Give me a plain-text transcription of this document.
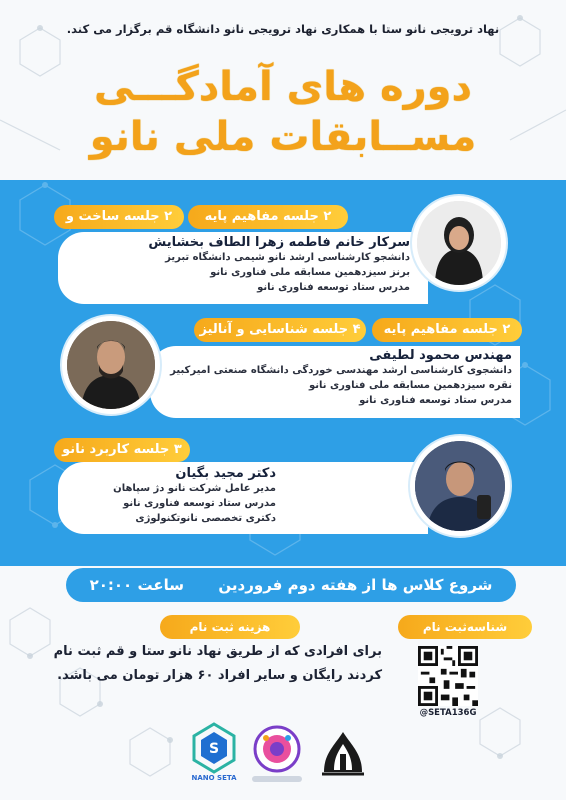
نهاد ترویجی نانو ستا با همکاری نهاد ترویجی نانو دانشگاه قم برگزار می کند.
دوره های آمادگـــی
مســابقات ملی نانو
۲ جلسه مفاهیم پایه
۲ جلسه ساخت و
سرکار خانم فاطمه زهرا الطاف بخشایش
دانشجو کارشناسی ارشد نانو شیمی دانشگاه تبریز
برنز سیزدهمین مسابقه ملی فناوری نانو
مدرس ستاد توسعه فناوری نانو
۲ جلسه مفاهیم پایه
۴ جلسه شناسایی و آنالیز
مهندس محمود لطیفی
دانشجوی کارشناسی ارشد مهندسی خوردگی دانشگاه صنعتی امیرکبیر
نقره سیزدهمین مسابقه ملی فناوری نانو
مدرس ستاد توسعه فناوری نانو
۳ جلسه کاربرد نانو
دکتر مجید بگیان
مدیر عامل شرکت نانو دژ سپاهان
مدرس ستاد توسعه فناوری نانو
دکتری تخصصی نانوتکنولوژی
شروع کلاس ها از هفته دوم فروردین  ساعت ۲۰:۰۰
هزینه ثبت نام	شناسه‌ثبت نام
برای افرادی که از طریق نهاد نانو ستا و قم ثبت نام
کردند رایگان و سایر افراد ۶۰ هزار تومان می باشد.
@SETA136G
S
NANO SETA
